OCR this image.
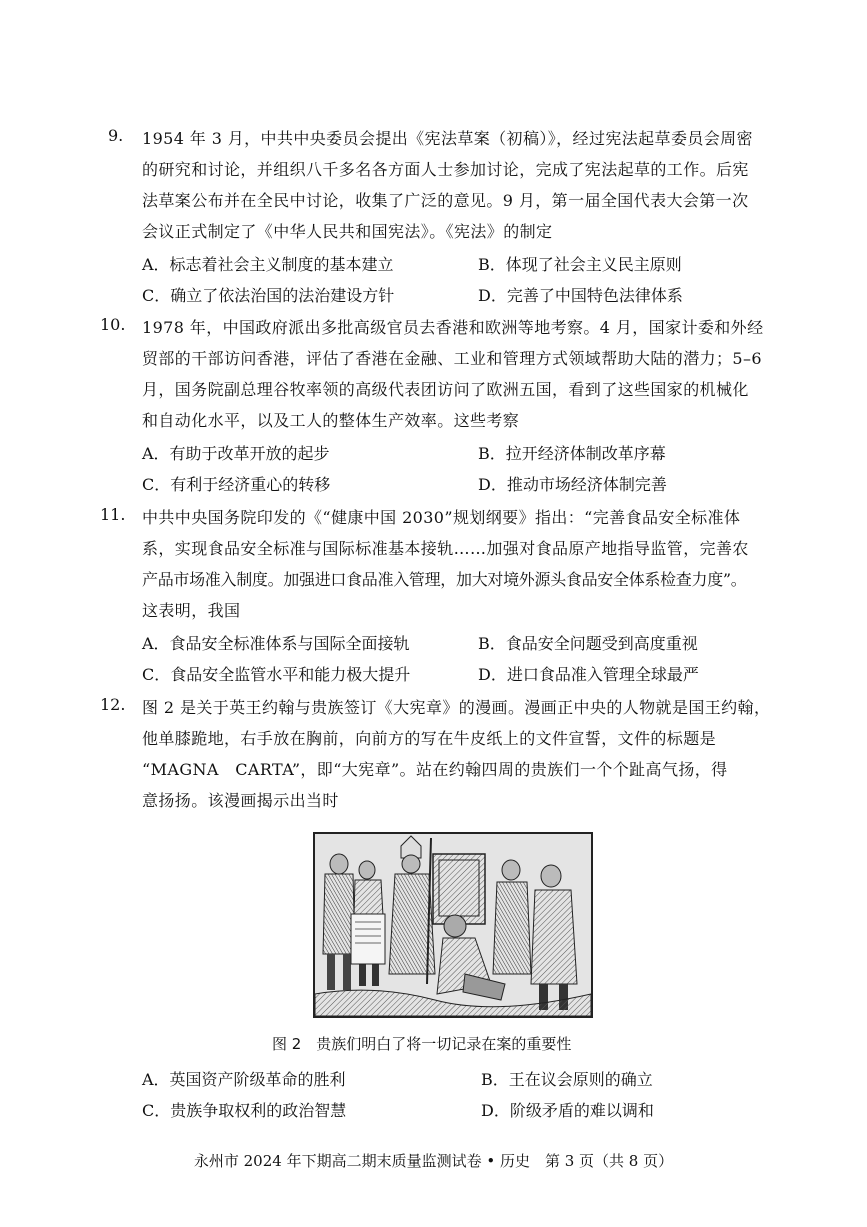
9. 1954 年 3 月，中共中央委员会提出《宪法草案（初稿）》，经过宪法起草委员会周密
的研究和讨论，并组织八千多名各方面人士参加讨论，完成了宪法起草的工作。后宪
法草案公布并在全民中讨论，收集了广泛的意见。9 月，第一届全国代表大会第一次
会议正式制定了《中华人民共和国宪法》。《宪法》的制定
A．标志着社会主义制度的基本建立	B．体现了社会主义民主原则
C．确立了依法治国的法治建设方针	D．完善了中国特色法律体系
10. 1978 年，中国政府派出多批高级官员去香港和欧洲等地考察。4 月，国家计委和外经
贸部的干部访问香港，评估了香港在金融、工业和管理方式领域帮助大陆的潜力；5–6
月，国务院副总理谷牧率领的高级代表团访问了欧洲五国，看到了这些国家的机械化
和自动化水平，以及工人的整体生产效率。这些考察
A．有助于改革开放的起步	B．拉开经济体制改革序幕
C．有利于经济重心的转移	D．推动市场经济体制完善
11. 中共中央国务院印发的《“健康中国 2030”规划纲要》指出：“完善食品安全标准体
系，实现食品安全标准与国际标准基本接轨……加强对食品原产地指导监管，完善农
产品市场准入制度。加强进口食品准入管理，加大对境外源头食品安全体系检查力度”。
这表明，我国
A．食品安全标准体系与国际全面接轨	B．食品安全问题受到高度重视
C．食品安全监管水平和能力极大提升	D．进口食品准入管理全球最严
12. 图 2 是关于英王约翰与贵族签订《大宪章》的漫画。漫画正中央的人物就是国王约翰，
他单膝跪地，右手放在胸前，向前方的写在牛皮纸上的文件宣誓，文件的标题是
“MAGNA　CARTA”，即“大宪章”。站在约翰四周的贵族们一个个趾高气扬，得
意扬扬。该漫画揭示出当时
图 2　贵族们明白了将一切记录在案的重要性
A．英国资产阶级革命的胜利	B．王在议会原则的确立
C．贵族争取权利的政治智慧	D．阶级矛盾的难以调和
永州市 2024 年下期高二期末质量监测试卷 • 历史　第 3 页（共 8 页）
